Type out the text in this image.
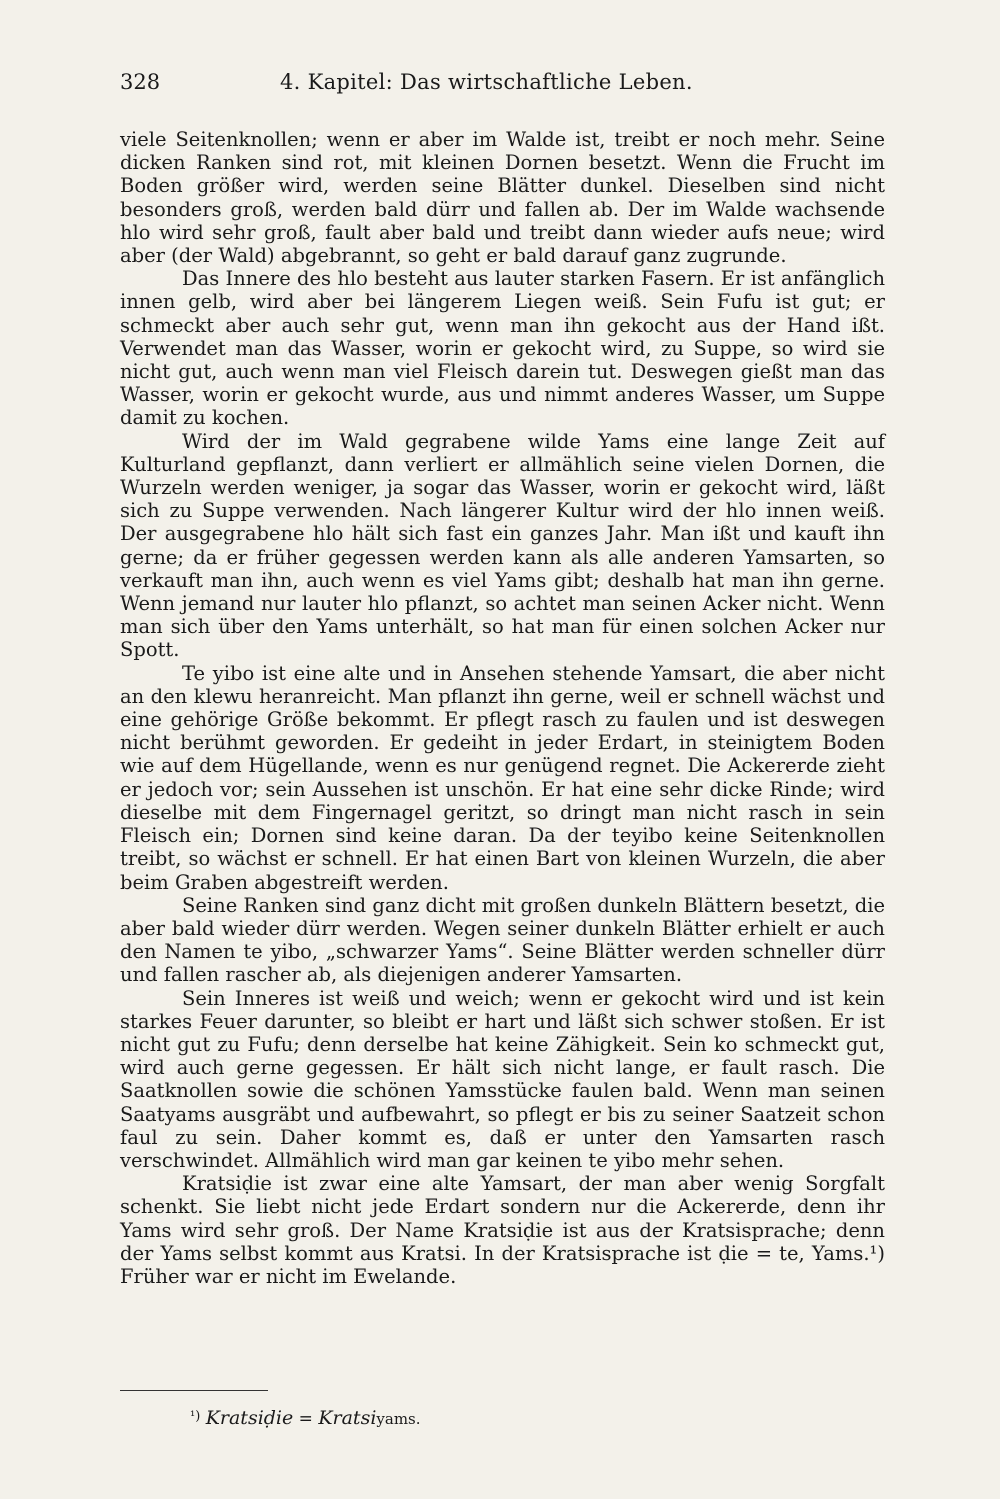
328	4. Kapitel: Das wirtschaftliche Leben.

viele Seitenknollen; wenn er aber im Walde ist, treibt er noch mehr. Seine dicken Ranken sind rot, mit kleinen Dornen besetzt. Wenn die Frucht im Boden größer wird, werden seine Blätter dunkel. Dieselben sind nicht besonders groß, werden bald dürr und fallen ab. Der im Walde wachsende hlo wird sehr groß, fault aber bald und treibt dann wieder aufs neue; wird aber (der Wald) abgebrannt, so geht er bald darauf ganz zugrunde.

Das Innere des hlo besteht aus lauter starken Fasern. Er ist anfänglich innen gelb, wird aber bei längerem Liegen weiß. Sein Fufu ist gut; er schmeckt aber auch sehr gut, wenn man ihn gekocht aus der Hand ißt. Verwendet man das Wasser, worin er gekocht wird, zu Suppe, so wird sie nicht gut, auch wenn man viel Fleisch darein tut. Deswegen gießt man das Wasser, worin er gekocht wurde, aus und nimmt anderes Wasser, um Suppe damit zu kochen.

Wird der im Wald gegrabene wilde Yams eine lange Zeit auf Kulturland gepflanzt, dann verliert er allmählich seine vielen Dornen, die Wurzeln werden weniger, ja sogar das Wasser, worin er gekocht wird, läßt sich zu Suppe verwenden. Nach längerer Kultur wird der hlo innen weiß. Der ausgegrabene hlo hält sich fast ein ganzes Jahr. Man ißt und kauft ihn gerne; da er früher gegessen werden kann als alle anderen Yamsarten, so verkauft man ihn, auch wenn es viel Yams gibt; deshalb hat man ihn gerne. Wenn jemand nur lauter hlo pflanzt, so achtet man seinen Acker nicht. Wenn man sich über den Yams unterhält, so hat man für einen solchen Acker nur Spott.

Te yibo ist eine alte und in Ansehen stehende Yamsart, die aber nicht an den klewu heranreicht. Man pflanzt ihn gerne, weil er schnell wächst und eine gehörige Größe bekommt. Er pflegt rasch zu faulen und ist deswegen nicht berühmt geworden. Er gedeiht in jeder Erdart, in steinigtem Boden wie auf dem Hügellande, wenn es nur genügend regnet. Die Ackererde zieht er jedoch vor; sein Aussehen ist unschön. Er hat eine sehr dicke Rinde; wird dieselbe mit dem Fingernagel geritzt, so dringt man nicht rasch in sein Fleisch ein; Dornen sind keine daran. Da der teyibo keine Seitenknollen treibt, so wächst er schnell. Er hat einen Bart von kleinen Wurzeln, die aber beim Graben abgestreift werden.

Seine Ranken sind ganz dicht mit großen dunkeln Blättern besetzt, die aber bald wieder dürr werden. Wegen seiner dunkeln Blätter erhielt er auch den Namen te yibo, „schwarzer Yams“. Seine Blätter werden schneller dürr und fallen rascher ab, als diejenigen anderer Yamsarten.

Sein Inneres ist weiß und weich; wenn er gekocht wird und ist kein starkes Feuer darunter, so bleibt er hart und läßt sich schwer stoßen. Er ist nicht gut zu Fufu; denn derselbe hat keine Zähigkeit. Sein ko schmeckt gut, wird auch gerne gegessen. Er hält sich nicht lange, er fault rasch. Die Saatknollen sowie die schönen Yamsstücke faulen bald. Wenn man seinen Saatyams ausgräbt und aufbewahrt, so pflegt er bis zu seiner Saatzeit schon faul zu sein. Daher kommt es, daß er unter den Yamsarten rasch verschwindet. Allmählich wird man gar keinen te yibo mehr sehen.

Kratsiḍie ist zwar eine alte Yamsart, der man aber wenig Sorgfalt schenkt. Sie liebt nicht jede Erdart sondern nur die Ackererde, denn ihr Yams wird sehr groß. Der Name Kratsiḍie ist aus der Kratsisprache; denn der Yams selbst kommt aus Kratsi. In der Kratsisprache ist ḍie = te, Yams.¹) Früher war er nicht im Ewelande.

$^{^1)}$ Kratsiḍie = Kratsiyams.
